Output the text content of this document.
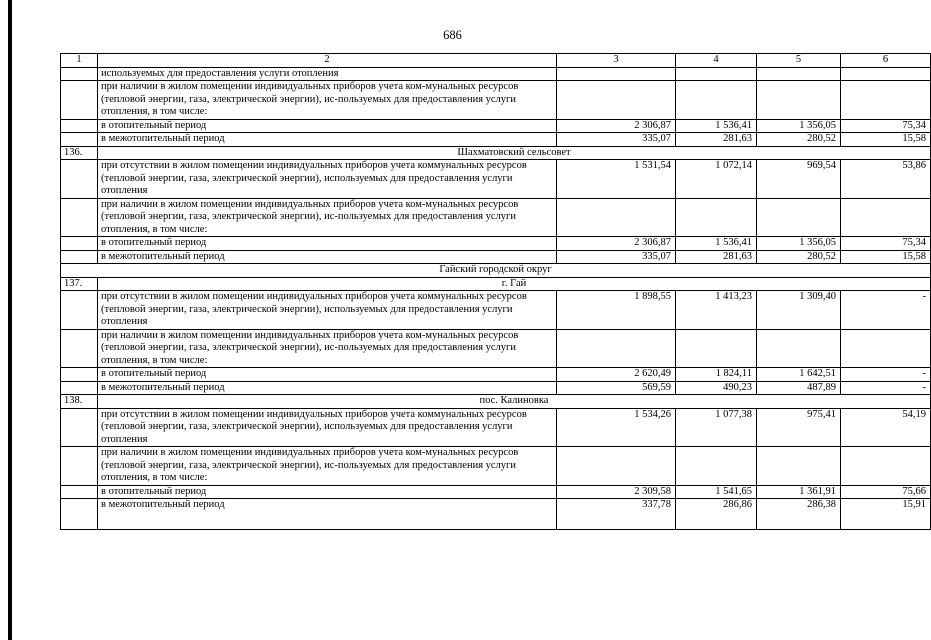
686
1	2	3	4	5	6
	используемых для предоставления услуги отопления				
	при наличии в жилом помещении индивидуальных приборов учета ком-мунальных ресурсов (тепловой энергии, газа, электрической энергии), ис-пользуемых для предоставления услуги отопления, в том числе:				
	в отопительный период	2 306,87	1 536,41	1 356,05	75,34
	в межотопительный период	335,07	281,63	280,52	15,58
136.	Шахматовский сельсовет				
	при отсутствии в жилом помещении индивидуальных приборов учета коммунальных ресурсов (тепловой энергии, газа, электрической энергии), используемых для предоставления услуги отопления	1 531,54	1 072,14	969,54	53,86
	при наличии в жилом помещении индивидуальных приборов учета ком-мунальных ресурсов (тепловой энергии, газа, электрической энергии), ис-пользуемых для предоставления услуги отопления, в том числе:				
	в отопительный период	2 306,87	1 536,41	1 356,05	75,34
	в межотопительный период	335,07	281,63	280,52	15,58
Гайский городской округ					
137.	г. Гай				
	при отсутствии в жилом помещении индивидуальных приборов учета коммунальных ресурсов (тепловой энергии, газа, электрической энергии), используемых для предоставления услуги отопления	1 898,55	1 413,23	1 309,40	-
	при наличии в жилом помещении индивидуальных приборов учета ком-мунальных ресурсов (тепловой энергии, газа, электрической энергии), ис-пользуемых для предоставления услуги отопления, в том числе:				
	в отопительный период	2 620,49	1 824,11	1 642,51	-
	в межотопительный период	569,59	490,23	487,89	-
138.	пос. Калиновка				
	при отсутствии в жилом помещении индивидуальных приборов учета коммунальных ресурсов (тепловой энергии, газа, электрической энергии), используемых для предоставления услуги отопления	1 534,26	1 077,38	975,41	54,19
	при наличии в жилом помещении индивидуальных приборов учета ком-мунальных ресурсов (тепловой энергии, газа, электрической энергии), ис-пользуемых для предоставления услуги отопления, в том числе:				
	в отопительный период	2 309,58	1 541,65	1 361,91	75,66
	в межотопительный период	337,78	286,86	286,38	15,91
